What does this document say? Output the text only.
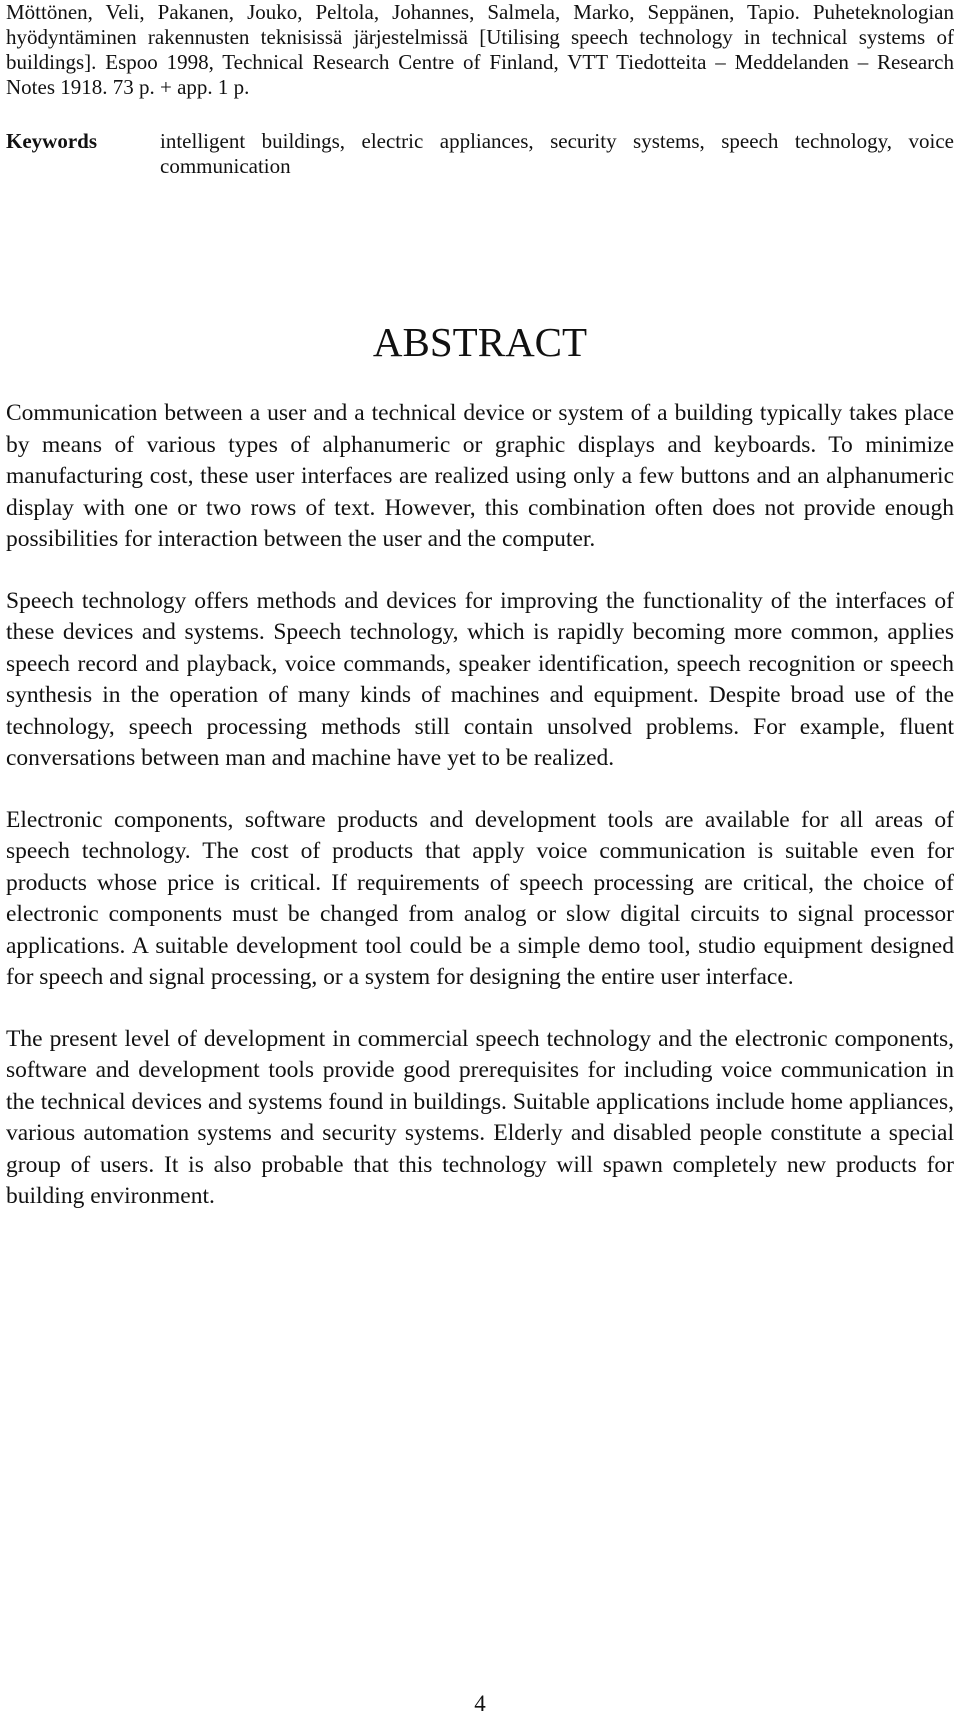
Möttönen, Veli, Pakanen, Jouko, Peltola, Johannes, Salmela, Marko, Seppänen, Tapio. Puheteknologian hyödyntäminen rakennusten teknisissä järjestelmissä [Utilising speech technology in technical systems of buildings]. Espoo 1998, Technical Research Centre of Finland, VTT Tiedotteita – Meddelanden – Research Notes 1918. 73 p. + app. 1 p.
Keywords	intelligent buildings, electric appliances, security systems, speech technology, voice communication
ABSTRACT

Communication between a user and a technical device or system of a building typically takes place by means of various types of alphanumeric or graphic displays and keyboards. To minimize manufacturing cost, these user interfaces are realized using only a few buttons and an alphanumeric display with one or two rows of text. However, this combination often does not provide enough possibilities for interaction between the user and the computer.

Speech technology offers methods and devices for improving the functionality of the interfaces of these devices and systems. Speech technology, which is rapidly becoming more common, applies speech record and playback, voice commands, speaker identification, speech recognition or speech synthesis in the operation of many kinds of machines and equipment. Despite broad use of the technology, speech processing methods still contain unsolved problems. For example, fluent conversations between man and machine have yet to be realized.

Electronic components, software products and development tools are available for all areas of speech technology. The cost of products that apply voice communication is suitable even for products whose price is critical. If requirements of speech processing are critical, the choice of electronic components must be changed from analog or slow digital circuits to signal processor applications. A suitable development tool could be a simple demo tool, studio equipment designed for speech and signal processing, or a system for designing the entire user interface.

The present level of development in commercial speech technology and the electronic components, software and development tools provide good prerequisites for including voice communication in the technical devices and systems found in buildings. Suitable applications include home appliances, various automation systems and security systems. Elderly and disabled people constitute a special group of users. It is also probable that this technology will spawn completely new products for building environment.

4
